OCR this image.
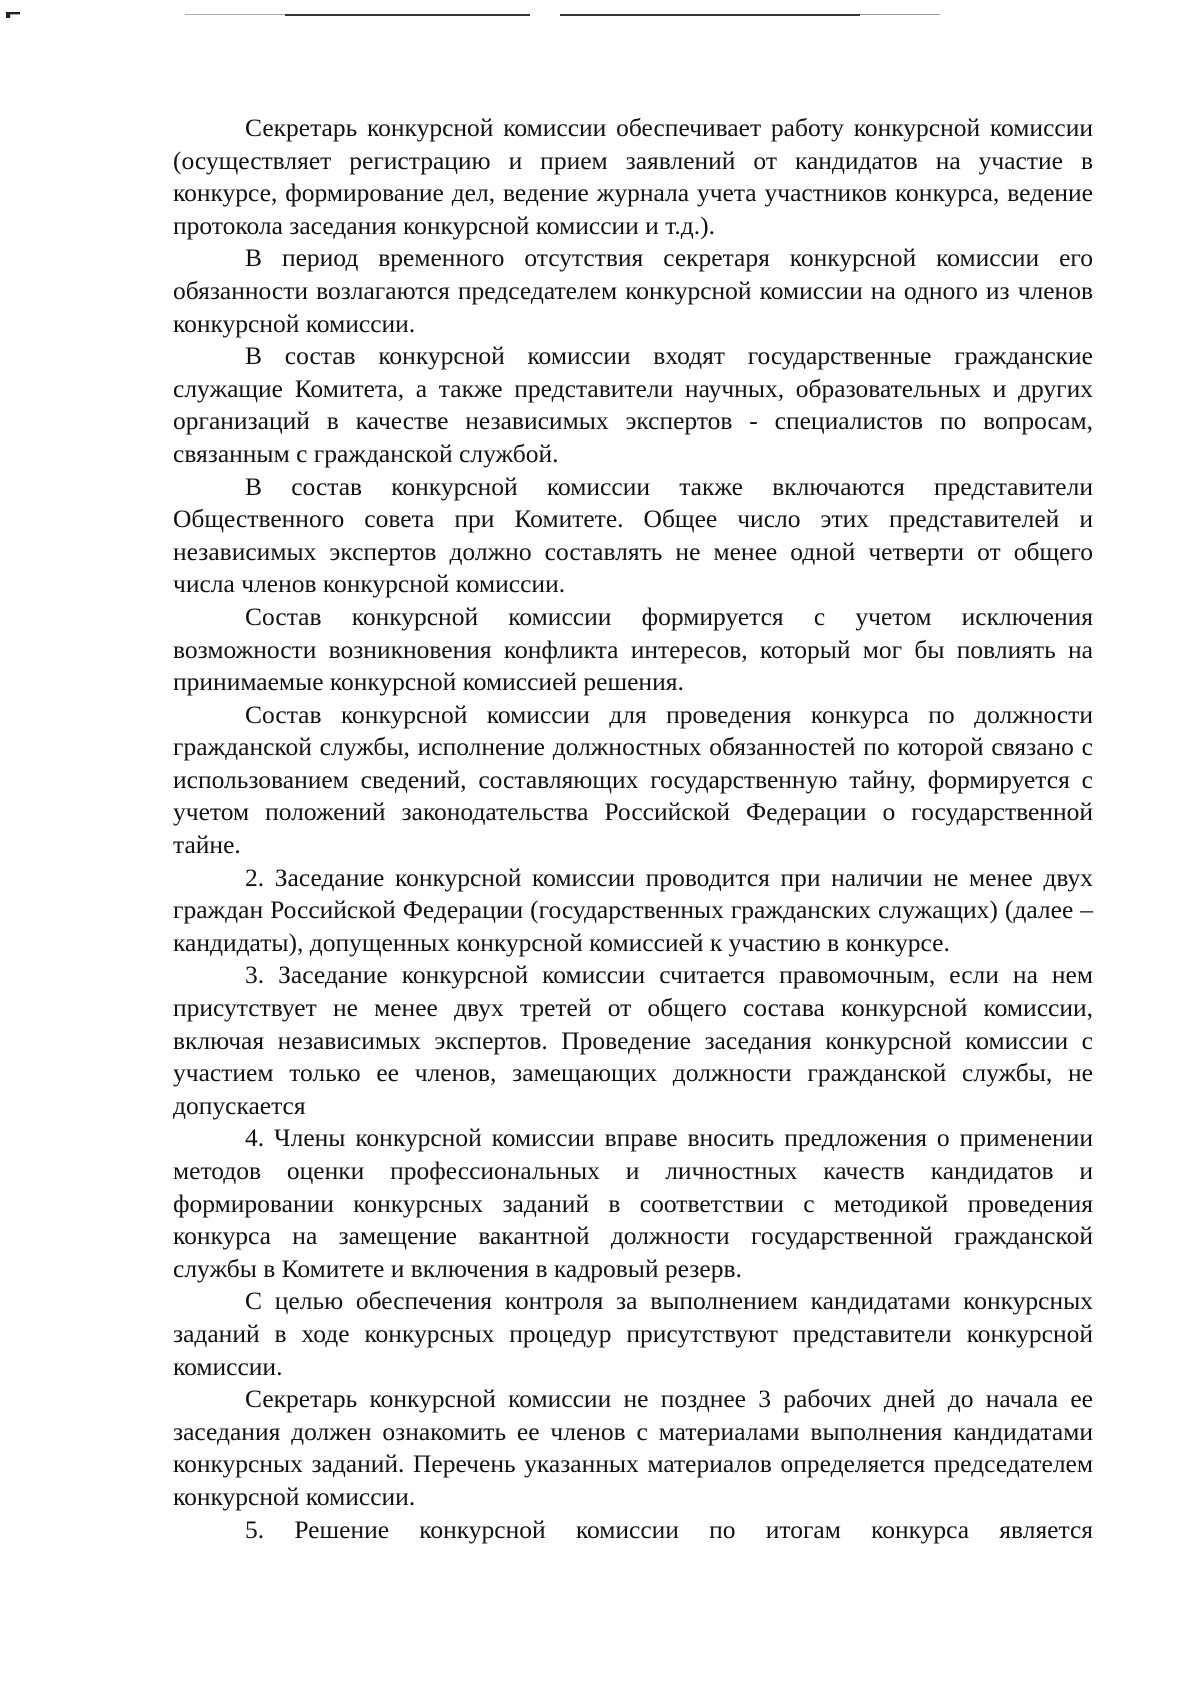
Секретарь конкурсной комиссии обеспечивает работу конкурсной комиссии (осуществляет регистрацию и прием заявлений от кандидатов на участие в конкурсе, формирование дел, ведение журнала учета участников конкурса, ведение протокола заседания конкурсной комиссии и т.д.).

В период временного отсутствия секретаря конкурсной комиссии его обязанности возлагаются председателем конкурсной комиссии на одного из членов конкурсной комиссии.

В состав конкурсной комиссии входят государственные гражданские служащие Комитета, а также представители научных, образовательных и других организаций в качестве независимых экспертов - специалистов по вопросам, связанным с гражданской службой.

В состав конкурсной комиссии также включаются представители Общественного совета при Комитете. Общее число этих представителей и независимых экспертов должно составлять не менее одной четверти от общего числа членов конкурсной комиссии.

Состав конкурсной комиссии формируется с учетом исключения возможности возникновения конфликта интересов, который мог бы повлиять на принимаемые конкурсной комиссией решения.

Состав конкурсной комиссии для проведения конкурса по должности гражданской службы, исполнение должностных обязанностей по которой связано с использованием сведений, составляющих государственную тайну, формируется с учетом положений законодательства Российской Федерации о государственной тайне.

2. Заседание конкурсной комиссии проводится при наличии не менее двух граждан Российской Федерации (государственных гражданских служащих) (далее – кандидаты), допущенных конкурсной комиссией к участию в конкурсе.

3. Заседание конкурсной комиссии считается правомочным, если на нем присутствует не менее двух третей от общего состава конкурсной комиссии, включая независимых экспертов. Проведение заседания конкурсной комиссии с участием только ее членов, замещающих должности гражданской службы, не допускается

4. Члены конкурсной комиссии вправе вносить предложения о применении методов оценки профессиональных и личностных качеств кандидатов и формировании конкурсных заданий в соответствии с методикой проведения конкурса на замещение вакантной должности государственной гражданской службы в Комитете и включения в кадровый резерв.

С целью обеспечения контроля за выполнением кандидатами конкурсных заданий в ходе конкурсных процедур присутствуют представители конкурсной комиссии.

Секретарь конкурсной комиссии не позднее 3 рабочих дней до начала ее заседания должен ознакомить ее членов с материалами выполнения кандидатами конкурсных заданий. Перечень указанных материалов определяется председателем конкурсной комиссии.

5. Решение конкурсной комиссии по итогам конкурса является
